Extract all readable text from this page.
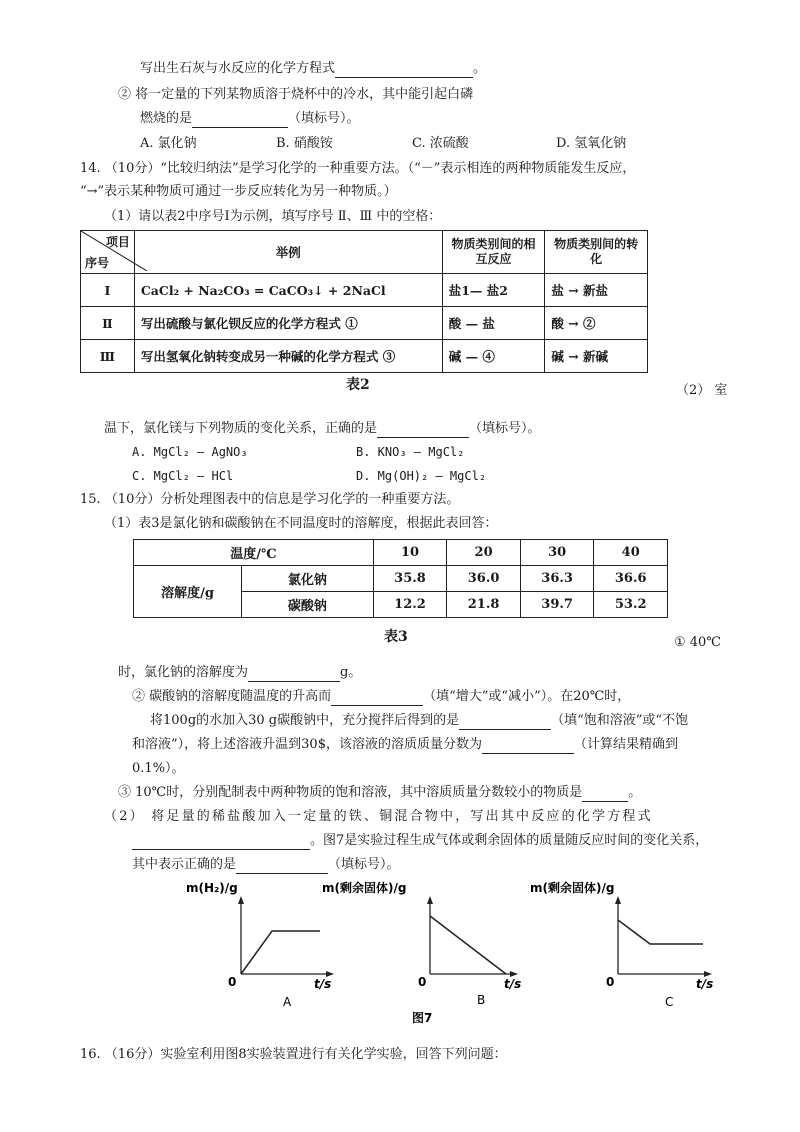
写出生石灰与水反应的化学方程式	。
② 将一定量的下列某物质溶于烧杯中的冷水，其中能引起白磷
燃烧的是	（填标号）。
A. 氯化钠	B. 硝酸铵	C. 浓硫酸	D. 氢氧化钠
14. （10分）“比较归纳法”是学习化学的一种重要方法。（“－”表示相连的两种物质能发生反应，
“→”表示某种物质可通过一步反应转化为另一种物质。）
（1）请以表2中序号Ⅰ为示例，填写序号 Ⅱ、Ⅲ 中的空格：
项目
序号	举例	物质类别间的相互反应	物质类别间的转化
Ⅰ	CaCl₂ + Na₂CO₃ = CaCO₃↓ + 2NaCl	盐1— 盐2	盐 → 新盐
Ⅱ	写出硫酸与氯化钡反应的化学方程式 ①	酸 — 盐	酸 → ②
Ⅲ	写出氢氧化钠转变成另一种碱的化学方程式 ③	碱 — ④	碱 → 新碱
表2	（2） 室
温下，氯化镁与下列物质的变化关系，正确的是	（填标号）。
A. MgCl₂ — AgNO₃	B. KNO₃ — MgCl₂
C. MgCl₂ — HCl	D. Mg(OH)₂ — MgCl₂
15. （10分）分析处理图表中的信息是学习化学的一种重要方法。
（1）表3是氯化钠和碳酸钠在不同温度时的溶解度，根据此表回答：
温度/℃		10	20	30	40
溶解度/g	氯化钠	35.8	36.0	36.3	36.6
	碳酸钠	12.2	21.8	39.7	53.2
表3	① 40℃
时，氯化钠的溶解度为	g。
② 碳酸钠的溶解度随温度的升高而	（填“增大”或“减小”）。在20℃时，
将100g的水加入30 g碳酸钠中，充分搅拌后得到的是	（填“饱和溶液”或“不饱
和溶液”），将上述溶液升温到30$，该溶液的溶质质量分数为	（计算结果精确到
0.1%）。
③ 10℃时，分别配制表中两种物质的饱和溶液，其中溶质质量分数较小的物质是	。
（2） 将足量的稀盐酸加入一定量的铁、铜混合物中，写出其中反应的化学方程式
。图7是实验过程生成气体或剩余固体的质量随反应时间的变化关系，
其中表示正确的是	（填标号）。
m(H₂)/g
0	t/s
A
m(剩余固体)/g
0	t/s
B
m(剩余固体)/g
0	t/s
C
图7
16. （16分）实验室利用图8实验装置进行有关化学实验，回答下列问题：
